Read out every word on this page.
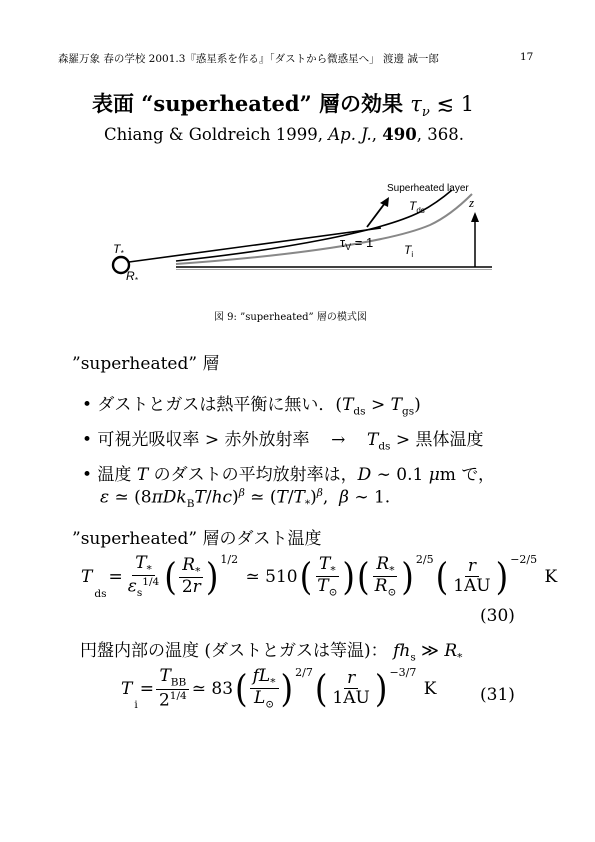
森羅万象 春の学校 2001.3『惑星系を作る』「ダストから微惑星へ」 渡邊 誠一郎	17
表面 “superheated” 層の効果 $\tau_\nu$ ≲ 1
Chiang & Goldreich 1999, Ap. J., 490, 368.
Superheated layer
$T_{ds}$
z
$T_*$
$R_*$
$\tau_V = 1$	$T_i$
図 9: ”superheated” 層の模式図
”superheated” 層
• ダストとガスは熱平衡に無い．$(T_{ds} > T_{gs})$
• 可視光吸収率 > 赤外放射率    →    $T_{ds}$ > 黒体温度
• 温度 T のダストの平均放射率は，D ∼ 0.1 μm で，
ε ≃ $(8\pi Dk_BT/hc)^\beta$ ≃ $(T/T_*)^\beta$,  β ∼ 1.
”superheated” 層のダスト温度
T
ds
= $\frac{T_*}{\varepsilon_s^{1/4}}$ ( $\frac{R_*}{2r}$ ) 1/2
≃ 510 ( $\frac{T_*}{T_⊙}$ ) ( $\frac{R_*}{R_⊙}$ ) 2/5 ( $\frac{r}{1AU}$ ) −2/5
K
(30)
円盤内部の温度 (ダストとガスは等温)： $fh_s$ ≫ $R_*$
T
$_i$
= $\frac{T_{BB}}{2^{1/4}}$ ≃ 83 ( $\frac{fL_*}{L_⊙}$ ) 2/7 ( $\frac{r}{1AU}$ ) −3/7
K	(31)
